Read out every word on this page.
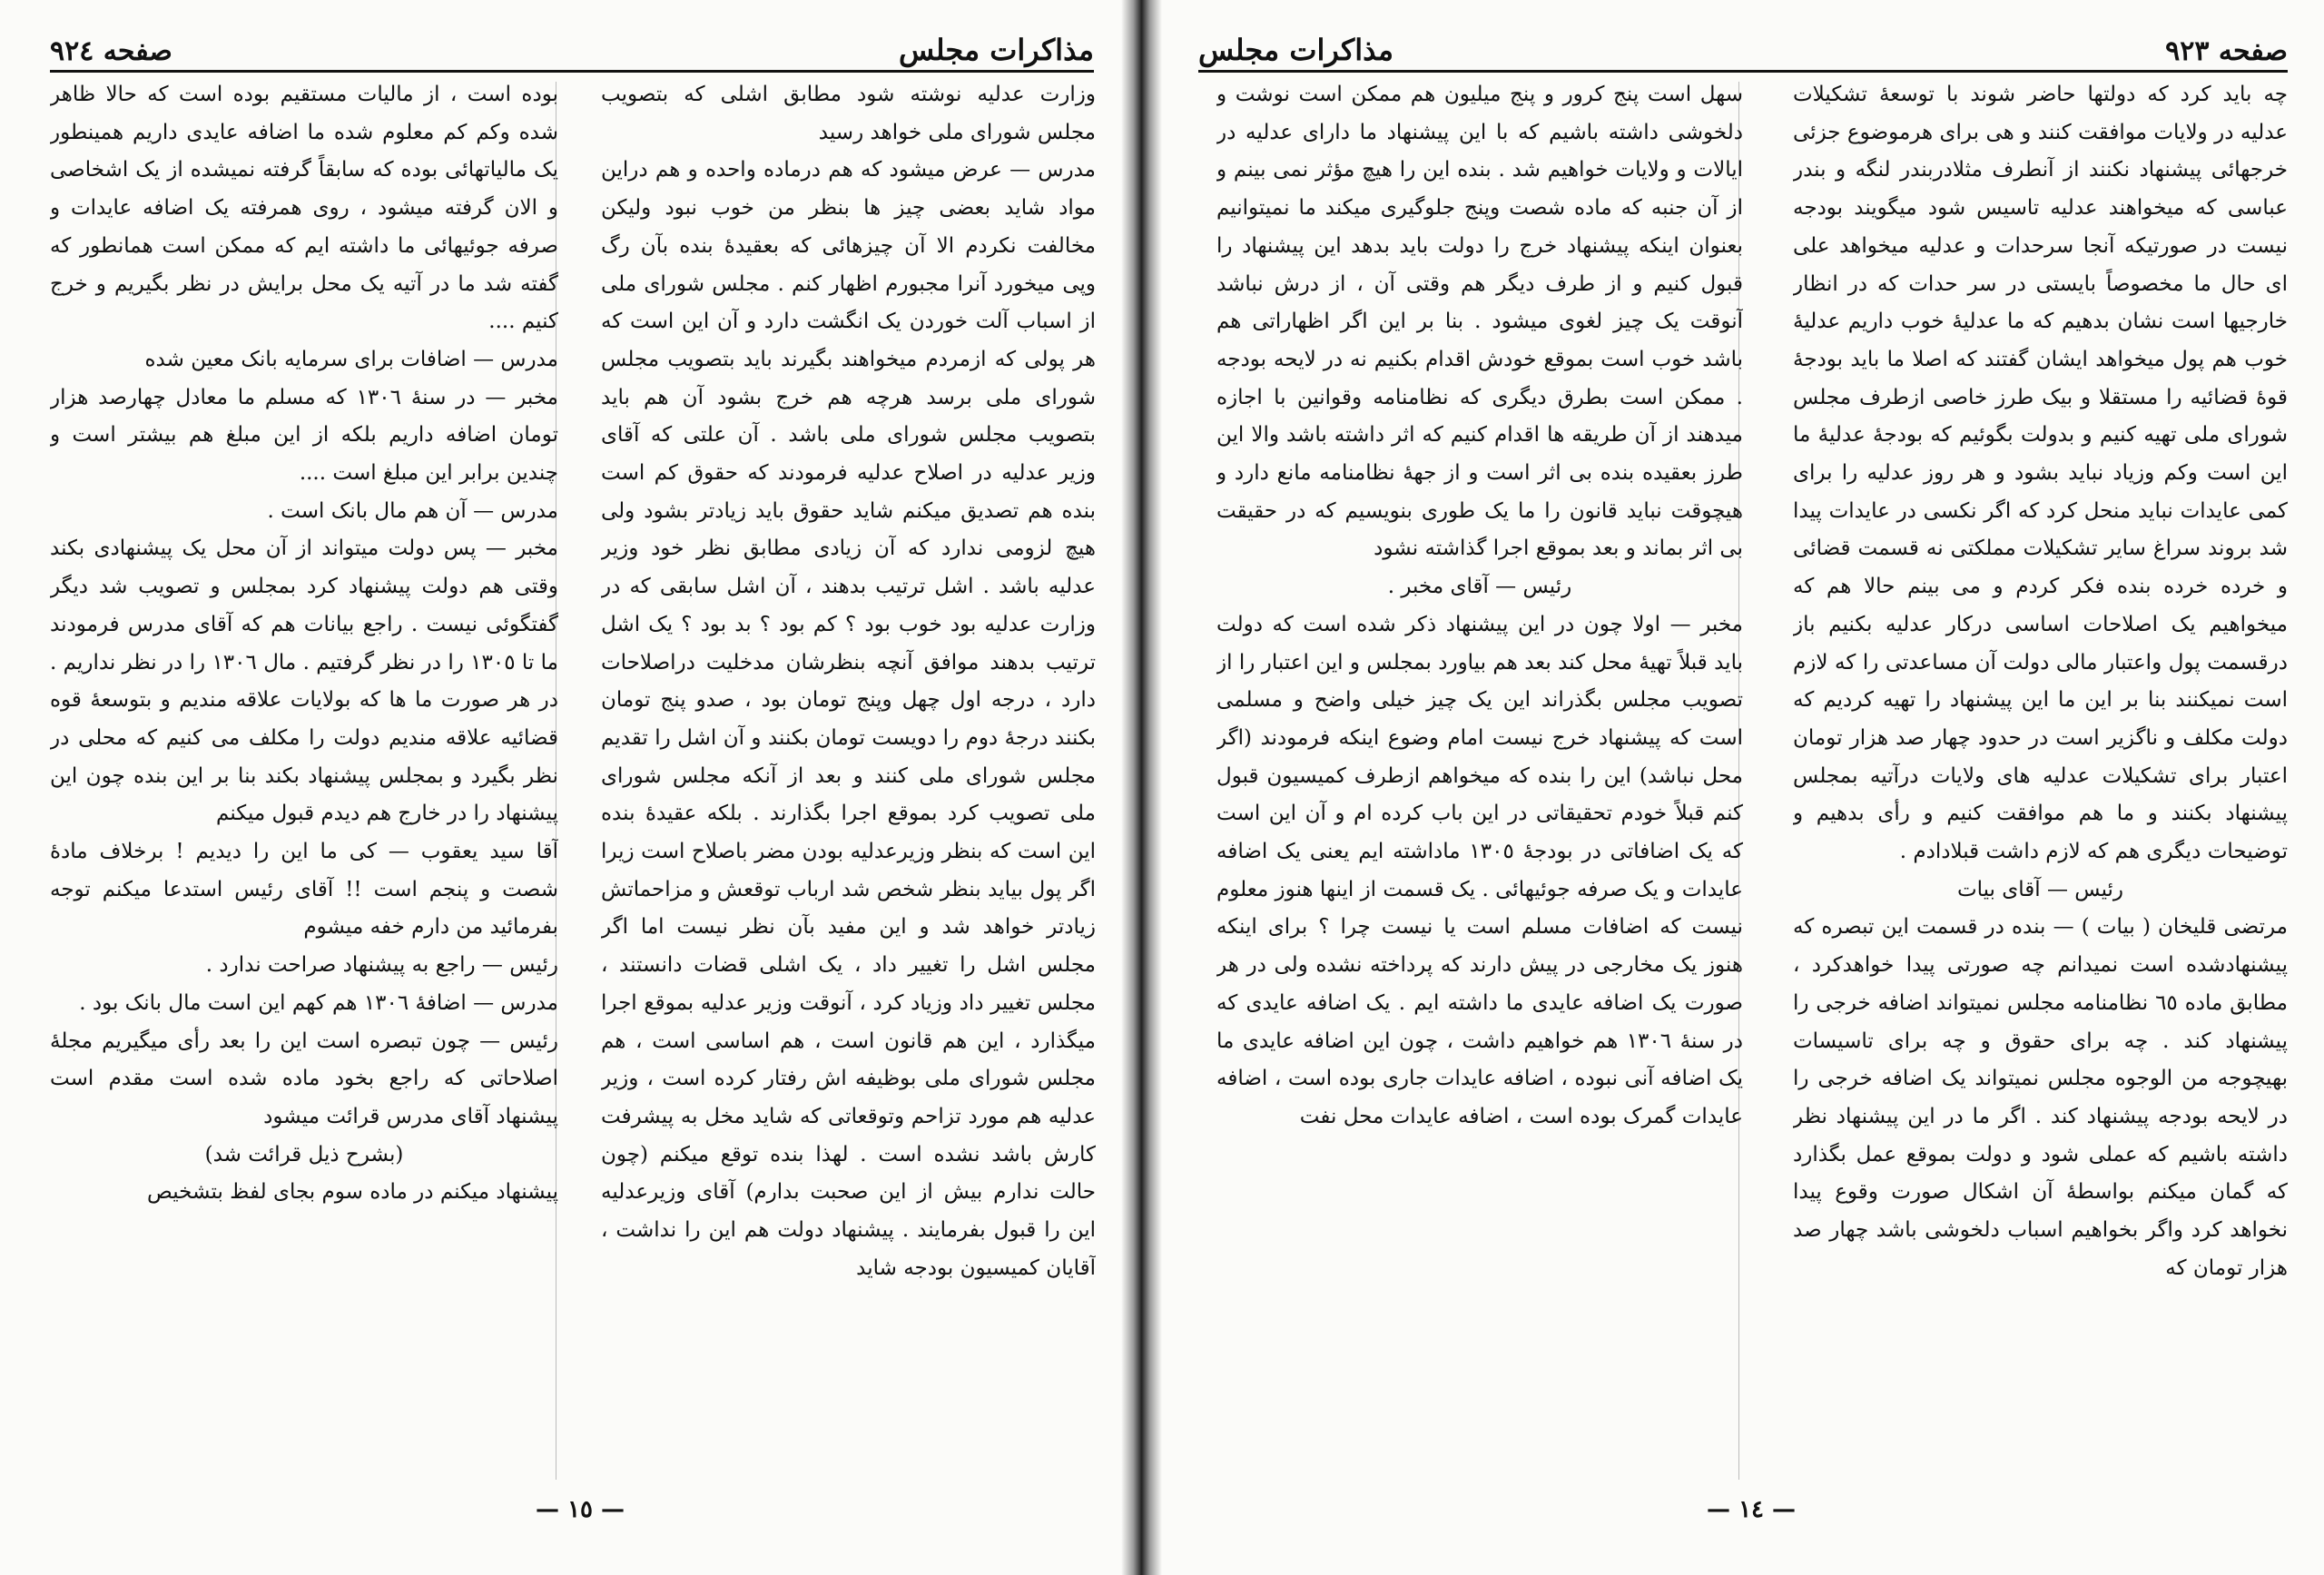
صفحه ٩٢٤	مذاکرات مجلس

وزارت عدلیه نوشته شود مطابق اشلی که بتصویب مجلس شورای ملی خواهد رسید

مدرس — عرض میشود که هم درماده واحده و هم دراین مواد شاید بعضی چیز ها بنظر من خوب نبود ولیکن مخالفت نکردم الا آن چیزهائی که بعقیدهٔ بنده بآن رگ وپی میخورد آنرا مجبورم اظهار کنم . مجلس شورای ملی از اسباب آلت خوردن یک انگشت دارد و آن این است که هر پولی که ازمردم میخواهند بگیرند باید بتصویب مجلس شورای ملی برسد هرچه هم خرج بشود آن هم باید بتصویب مجلس شورای ملی باشد . آن علتی که آقای وزیر عدلیه در اصلاح عدلیه فرمودند که حقوق کم است بنده هم تصدیق میکنم شاید حقوق باید زیادتر بشود ولی هیچ لزومی ندارد که آن زیادی مطابق نظر خود وزیر عدلیه باشد . اشل ترتیب بدهند ، آن اشل سابقی که در وزارت عدلیه بود خوب بود ؟ کم بود ؟ بد بود ؟ یک اشل ترتیب بدهند موافق آنچه بنظرشان مدخلیت دراصلاحات دارد ، درجه اول چهل وپنج تومان بود ، صدو پنج تومان بکنند درجهٔ دوم را دویست تومان بکنند و آن اشل را تقدیم مجلس شورای ملی کنند و بعد از آنکه مجلس شورای ملی تصویب کرد بموقع اجرا بگذارند . بلکه عقیدهٔ بنده این است که بنظر وزیرعدلیه بودن مضر باصلاح است زیرا اگر پول بیاید بنظر شخص شد ارباب توقعش و مزاحماتش زیادتر خواهد شد و این مفید بآن نظر نیست اما اگر مجلس اشل را تغییر داد ، یک اشلی قضات دانستند ، مجلس تغییر داد وزیاد کرد ، آنوقت وزیر عدلیه بموقع اجرا میگذارد ، این هم قانون است ، هم اساسی است ، هم مجلس شورای ملی بوظیفه اش رفتار کرده است ، وزیر عدلیه هم مورد تزاحم وتوقعاتی که شاید مخل به پیشرفت کارش باشد نشده است . لهذا بنده توقع میکنم (چون حالت ندارم بیش از این صحبت بدارم) آقای وزیرعدلیه این را قبول بفرمایند . پیشنهاد دولت هم این را نداشت ، آقایان کمیسیون بودجه شاید

بوده است ، از مالیات مستقیم بوده است که حالا ظاهر شده وکم کم معلوم شده ما اضافه عایدی داریم همینطور یک مالیاتهائی بوده که سابقاً گرفته نمیشده از یک اشخاصی و الان گرفته میشود ، روی همرفته یک اضافه عایدات و صرفه جوئیهائی ما داشته ایم که ممکن است همانطور که گفته شد ما در آتیه یک محل برایش در نظر بگیریم و خرج کنیم ....

مدرس — اضافات برای سرمایه بانک معین شده

مخبر — در سنهٔ ١٣٠٦ که مسلم ما معادل چهارصد هزار تومان اضافه داریم بلکه از این مبلغ هم بیشتر است و چندین برابر این مبلغ است ....

مدرس — آن هم مال بانک است .

مخبر — پس دولت میتواند از آن محل یک پیشنهادی بکند وقتی هم دولت پیشنهاد کرد بمجلس و تصویب شد دیگر گفتگوئی نیست . راجع بیانات هم که آقای مدرس فرمودند ما تا ١٣٠٥ را در نظر گرفتیم . مال ١٣٠٦ را در نظر نداریم . در هر صورت ما ها که بولایات علاقه مندیم و بتوسعهٔ قوه قضائیه علاقه مندیم دولت را مکلف می کنیم که محلی در نظر بگیرد و بمجلس پیشنهاد بکند بنا بر این بنده چون این پیشنهاد را در خارج هم دیدم قبول میکنم

آقا سید یعقوب — کی ما این را دیدیم ! برخلاف مادهٔ شصت و پنجم است !! آقای رئیس استدعا میکنم توجه بفرمائید من دارم خفه میشوم

رئیس — راجع به پیشنهاد صراحت ندارد .

مدرس — اضافهٔ ١٣٠٦ هم کهم این است مال بانک بود .

رئیس — چون تبصره است این را بعد رأی میگیریم مجلهٔ اصلاحاتی که راجع بخود ماده شده است مقدم است پیشنهاد آقای مدرس قرائت میشود

(بشرح ذیل قرائت شد)

پیشنهاد میکنم در ماده سوم بجای لفظ بتشخیص

— ١٥ —
مذاکرات مجلس	صفحه ٩٢٣

چه باید کرد که دولتها حاضر شوند با توسعهٔ تشکیلات عدلیه در ولایات موافقت کنند و هی برای هرموضوع جزئی خرجهائی پیشنهاد نکنند از آنطرف مثلادربندر لنگه و بندر عباسی که میخواهند عدلیه تاسیس شود میگویند بودجه نیست در صورتیکه آنجا سرحدات و عدلیه میخواهد علی ای حال ما مخصوصاً بایستی در سر حدات که در انظار خارجیها است نشان بدهیم که ما عدلیهٔ خوب داریم عدلیهٔ خوب هم پول میخواهد ایشان گفتند که اصلا ما باید بودجهٔ قوهٔ قضائیه را مستقلا و بیک طرز خاصی ازطرف مجلس شورای ملی تهیه کنیم و بدولت بگوئیم که بودجهٔ عدلیهٔ ما این است وکم وزیاد نباید بشود و هر روز عدلیه را برای کمی عایدات نباید منحل کرد که اگر نکسی در عایدات پیدا شد بروند سراغ سایر تشکیلات مملکتی نه قسمت قضائی و خرده خرده بنده فکر کردم و می بینم حالا هم که میخواهیم یک اصلاحات اساسی درکار عدلیه بکنیم باز درقسمت پول واعتبار مالی دولت آن مساعدتی را که لازم است نمیکنند بنا بر این ما این پیشنهاد را تهیه کردیم که دولت مکلف و ناگزیر است در حدود چهار صد هزار تومان اعتبار برای تشکیلات عدلیه های ولایات درآتیه بمجلس پیشنهاد بکنند و ما هم موافقت کنیم و رأی بدهیم و توضیحات دیگری هم که لازم داشت قبلادادم .

رئیس — آقای بیات

مرتضی قلیخان ( بیات ) — بنده در قسمت این تبصره که پیشنهادشده است نمیدانم چه صورتی پیدا خواهدکرد ، مطابق ماده ٦٥ نظامنامه مجلس نمیتواند اضافه خرجی را پیشنهاد کند . چه برای حقوق و چه برای تاسیسات بهیچوجه من الوجوه مجلس نمیتواند یک اضافه خرجی را در لایحه بودجه پیشنهاد کند . اگر ما در این پیشنهاد نظر داشته باشیم که عملی شود و دولت بموقع عمل بگذارد که گمان میکنم بواسطهٔ آن اشکال صورت وقوع پیدا نخواهد کرد واگر بخواهیم اسباب دلخوشی باشد چهار صد هزار تومان که

سهل است پنج کرور و پنج میلیون هم ممکن است نوشت و دلخوشی داشته باشیم که با این پیشنهاد ما دارای عدلیه در ایالات و ولایات خواهیم شد . بنده این را هیچ مؤثر نمی بینم و از آن جنبه که ماده شصت وپنج جلوگیری میکند ما نمیتوانیم بعنوان اینکه پیشنهاد خرج را دولت باید بدهد این پیشنهاد را قبول کنیم و از طرف دیگر هم وقتی آن ، از درش نباشد آنوقت یک چیز لغوی میشود . بنا بر این اگر اظهاراتی هم باشد خوب است بموقع خودش اقدام بکنیم نه در لایحه بودجه . ممکن است بطرق دیگری که نظامنامه وقوانین با اجازه میدهند از آن طریقه ها اقدام کنیم که اثر داشته باشد والا این طرز بعقیده بنده بی اثر است و از جههٔ نظامنامه مانع دارد و هیچوقت نباید قانون را ما یک طوری بنویسیم که در حقیقت بی اثر بماند و بعد بموقع اجرا گذاشته نشود

رئیس — آقای مخبر .

مخبر — اولا چون در این پیشنهاد ذکر شده است که دولت باید قبلاً تهیهٔ محل کند بعد هم بیاورد بمجلس و این اعتبار را از تصویب مجلس بگذراند این یک چیز خیلی واضح و مسلمی است که پیشنهاد خرج نیست امام وضوع اینکه فرمودند (اگر محل نباشد) این را بنده که میخواهم ازطرف کمیسیون قبول کنم قبلاً خودم تحقیقاتی در این باب کرده ام و آن این است که یک اضافاتی در بودجهٔ ١٣٠٥ ماداشته ایم یعنی یک اضافه عایدات و یک صرفه جوئیهائی . یک قسمت از اینها هنوز معلوم نیست که اضافات مسلم است یا نیست چرا ؟ برای اینکه هنوز یک مخارجی در پیش دارند که پرداخته نشده ولی در هر صورت یک اضافه عایدی ما داشته ایم . یک اضافه عایدی که در سنهٔ ١٣٠٦ هم خواهیم داشت ، چون این اضافه عایدی ما یک اضافه آنی نبوده ، اضافه عایدات جاری بوده است ، اضافه عایدات گمرک بوده است ، اضافه عایدات محل نفت

— ١٤ —
